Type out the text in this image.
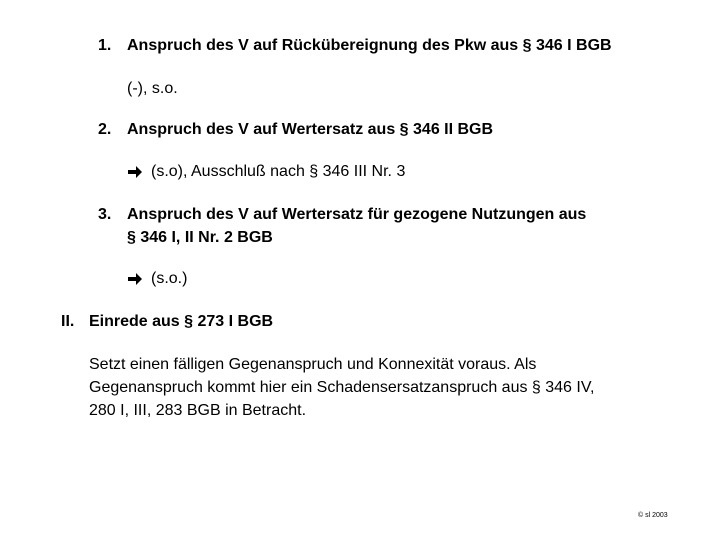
1. Anspruch des V auf Rückübereignung des Pkw aus § 346 I BGB
(-), s.o.
2. Anspruch des V auf Wertersatz aus § 346 II BGB
(s.o), Ausschluß nach § 346 III Nr. 3
3. Anspruch des V auf Wertersatz für gezogene Nutzungen aus
§ 346 I, II Nr. 2 BGB
(s.o.)
II. Einrede aus § 273 I BGB
Setzt einen fälligen Gegenanspruch und Konnexität voraus. Als
Gegenanspruch kommt hier ein Schadensersatzanspruch aus § 346 IV,
280 I, III, 283 BGB in Betracht.
© sl 2003
